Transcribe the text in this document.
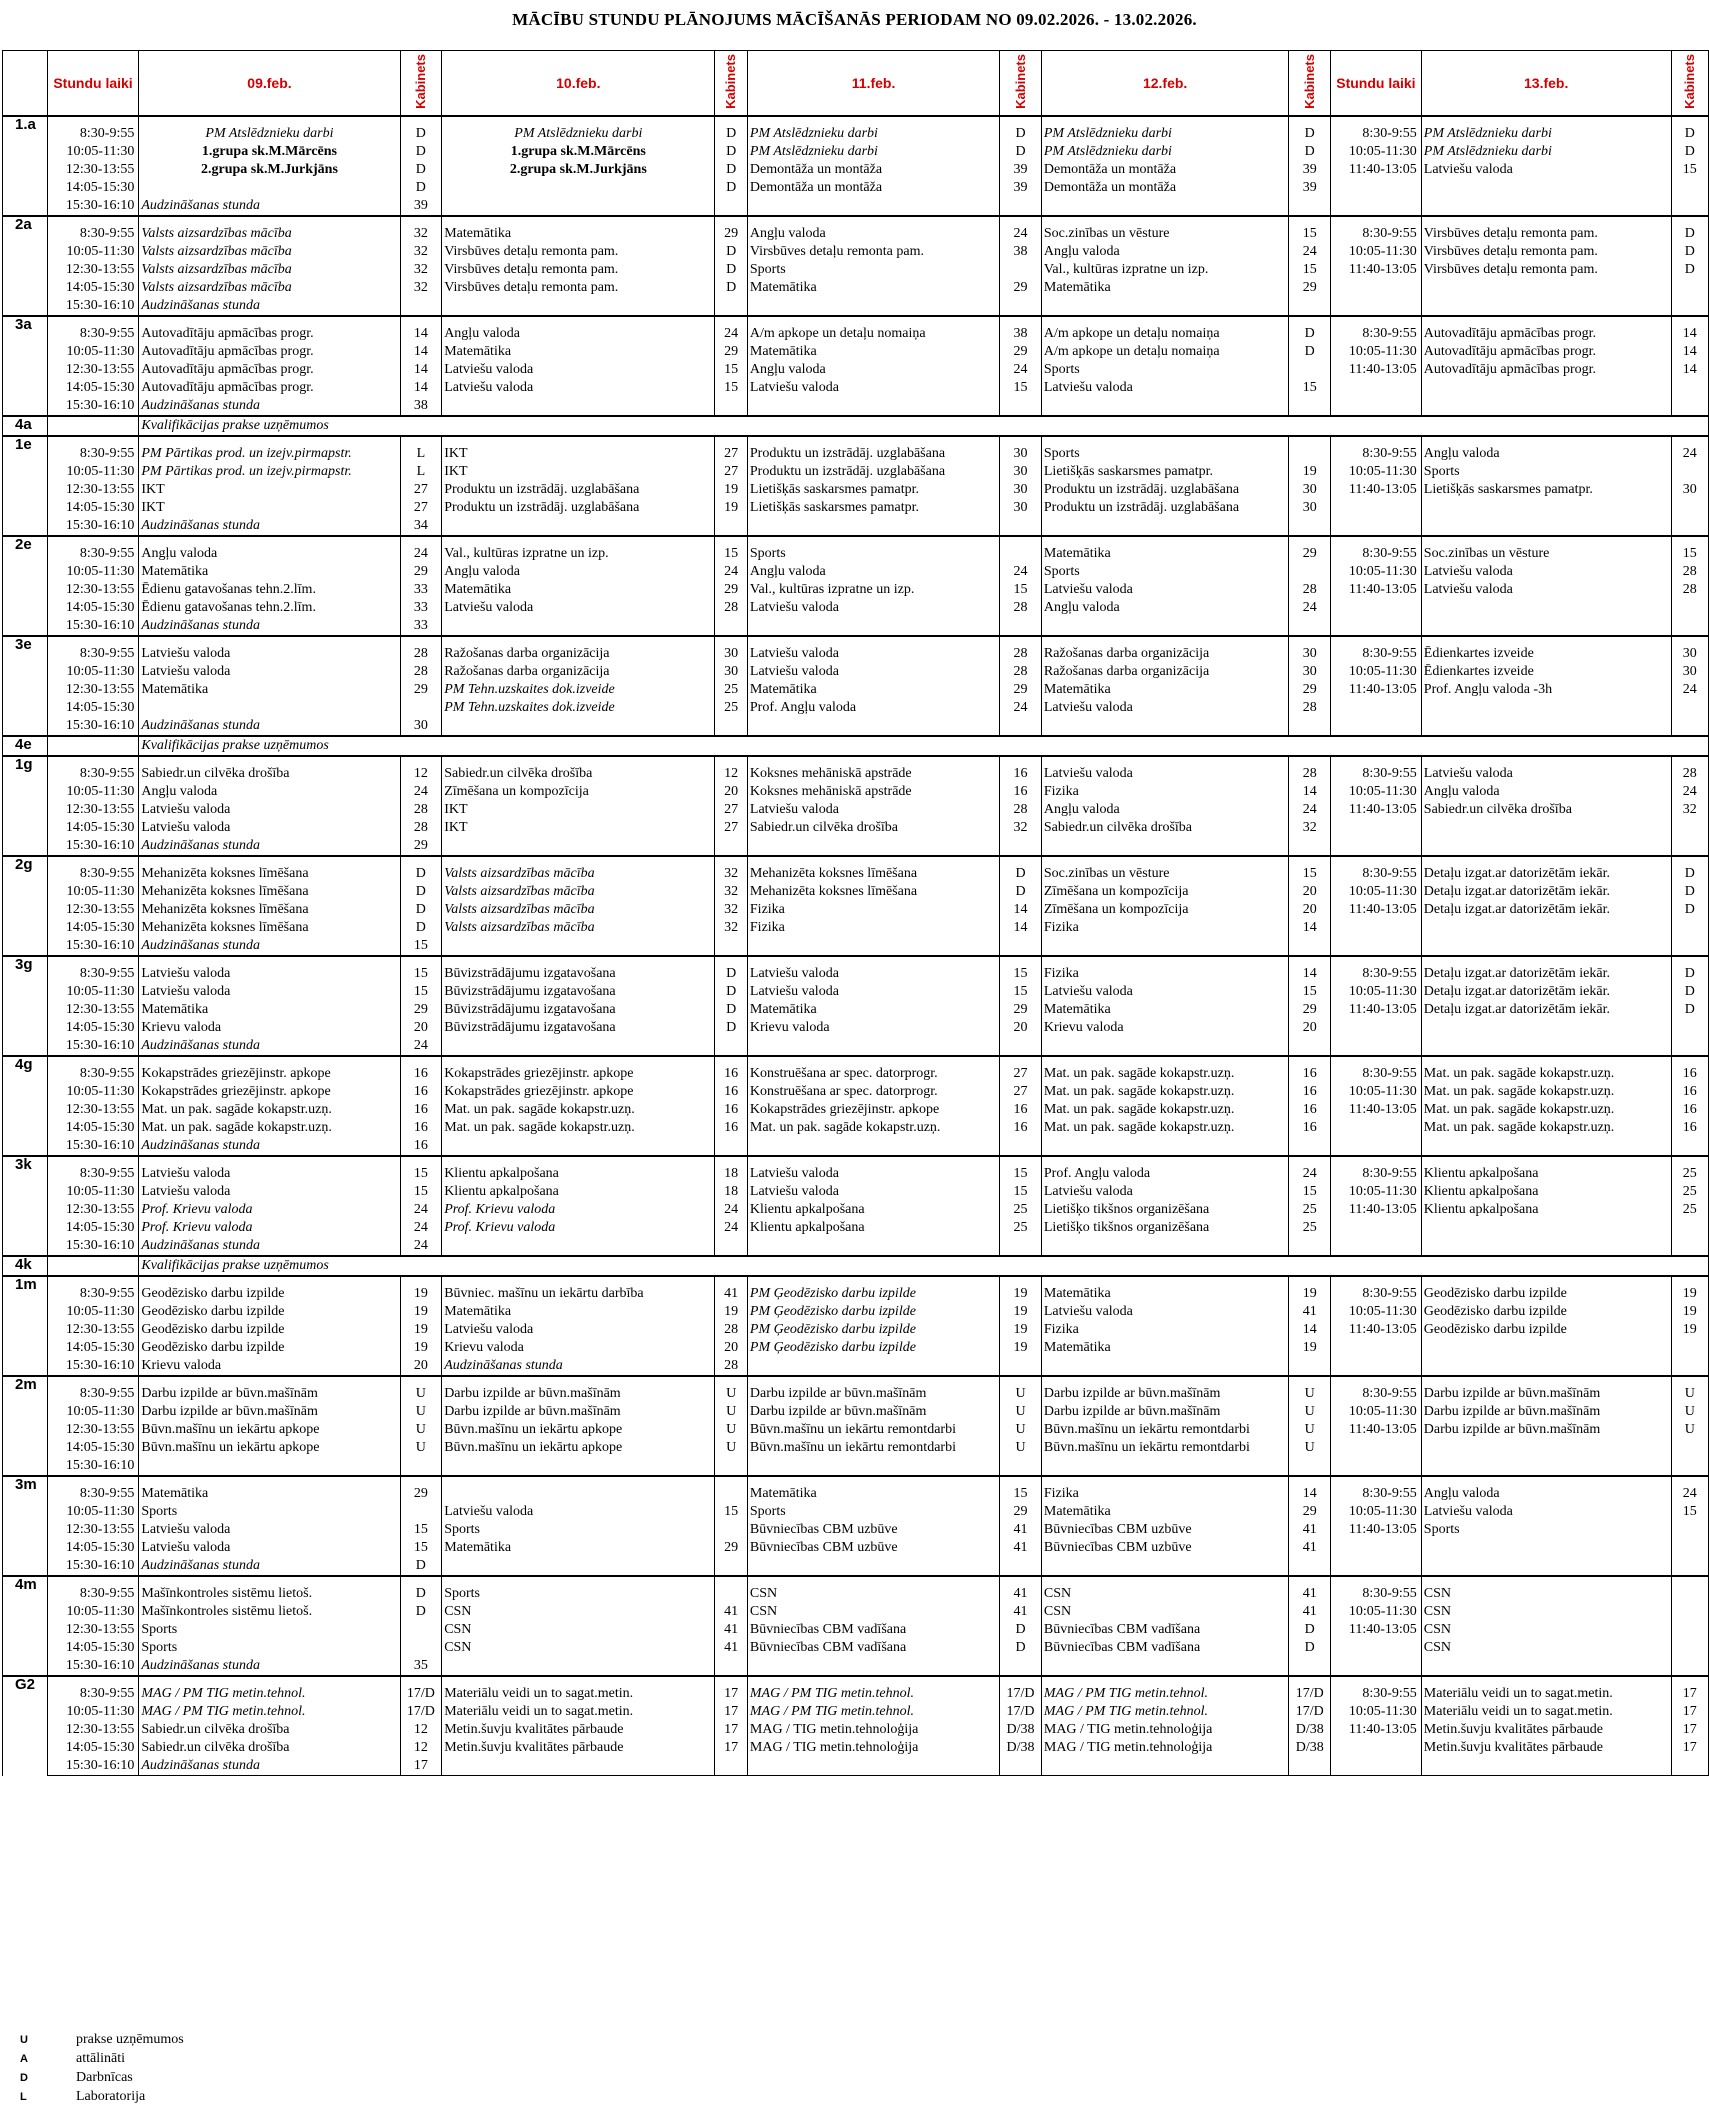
MĀCĪBU STUNDU PLĀNOJUMS MĀCĪŠANĀS PERIODAM NO 09.02.2026. - 13.02.2026.
	Stundu laiki	09.feb.	Kabinets	10.feb.	Kabinets	11.feb.	Kabinets	12.feb.	Kabinets	Stundu laiki	13.feb.	Kabinets
1.a												
	8:30-9:55	PM Atslēdznieku darbi	D	PM Atslēdznieku darbi	D	PM Atslēdznieku darbi	D	PM Atslēdznieku darbi	D	8:30-9:55	PM Atslēdznieku darbi	D
	10:05-11:30	1.grupa sk.M.Mārcēns	D	1.grupa sk.M.Mārcēns	D	PM Atslēdznieku darbi	D	PM Atslēdznieku darbi	D	10:05-11:30	PM Atslēdznieku darbi	D
	12:30-13:55	2.grupa sk.M.Jurkjāns	D	2.grupa sk.M.Jurkjāns	D	Demontāža un montāža	39	Demontāža un montāža	39	11:40-13:05	Latviešu valoda	15
	14:05-15:30		D		D	Demontāža un montāža	39	Demontāža un montāža	39			
	15:30-16:10	Audzināšanas stunda	39									
2a												
	8:30-9:55	Valsts aizsardzības mācība	32	Matemātika	29	Angļu valoda	24	Soc.zinības un vēsture	15	8:30-9:55	Virsbūves detaļu remonta pam.	D
	10:05-11:30	Valsts aizsardzības mācība	32	Virsbūves detaļu remonta pam.	D	Virsbūves detaļu remonta pam.	38	Angļu valoda	24	10:05-11:30	Virsbūves detaļu remonta pam.	D
	12:30-13:55	Valsts aizsardzības mācība	32	Virsbūves detaļu remonta pam.	D	Sports		Val., kultūras izpratne un izp.	15	11:40-13:05	Virsbūves detaļu remonta pam.	D
	14:05-15:30	Valsts aizsardzības mācība	32	Virsbūves detaļu remonta pam.	D	Matemātika	29	Matemātika	29			
	15:30-16:10	Audzināšanas stunda										
3a												
	8:30-9:55	Autovadītāju apmācības progr.	14	Angļu valoda	24	A/m apkope un detaļu nomaiņa	38	A/m apkope un detaļu nomaiņa	D	8:30-9:55	Autovadītāju apmācības progr.	14
	10:05-11:30	Autovadītāju apmācības progr.	14	Matemātika	29	Matemātika	29	A/m apkope un detaļu nomaiņa	D	10:05-11:30	Autovadītāju apmācības progr.	14
	12:30-13:55	Autovadītāju apmācības progr.	14	Latviešu valoda	15	Angļu valoda	24	Sports		11:40-13:05	Autovadītāju apmācības progr.	14
	14:05-15:30	Autovadītāju apmācības progr.	14	Latviešu valoda	15	Latviešu valoda	15	Latviešu valoda	15			
	15:30-16:10	Audzināšanas stunda	38									
4a		Kvalifikācijas prakse uzņēmumos										
1e												
	8:30-9:55	PM Pārtikas prod. un izejv.pirmapstr.	L	IKT	27	Produktu un izstrādāj. uzglabāšana	30	Sports		8:30-9:55	Angļu valoda	24
	10:05-11:30	PM Pārtikas prod. un izejv.pirmapstr.	L	IKT	27	Produktu un izstrādāj. uzglabāšana	30	Lietišķās saskarsmes pamatpr.	19	10:05-11:30	Sports	
	12:30-13:55	IKT	27	Produktu un izstrādāj. uzglabāšana	19	Lietišķās saskarsmes pamatpr.	30	Produktu un izstrādāj. uzglabāšana	30	11:40-13:05	Lietišķās saskarsmes pamatpr.	30
	14:05-15:30	IKT	27	Produktu un izstrādāj. uzglabāšana	19	Lietišķās saskarsmes pamatpr.	30	Produktu un izstrādāj. uzglabāšana	30			
	15:30-16:10	Audzināšanas stunda	34									
2e												
	8:30-9:55	Angļu valoda	24	Val., kultūras izpratne un izp.	15	Sports		Matemātika	29	8:30-9:55	Soc.zinības un vēsture	15
	10:05-11:30	Matemātika	29	Angļu valoda	24	Angļu valoda	24	Sports		10:05-11:30	Latviešu valoda	28
	12:30-13:55	Ēdienu gatavošanas tehn.2.līm.	33	Matemātika	29	Val., kultūras izpratne un izp.	15	Latviešu valoda	28	11:40-13:05	Latviešu valoda	28
	14:05-15:30	Ēdienu gatavošanas tehn.2.līm.	33	Latviešu valoda	28	Latviešu valoda	28	Angļu valoda	24			
	15:30-16:10	Audzināšanas stunda	33									
3e												
	8:30-9:55	Latviešu valoda	28	Ražošanas darba organizācija	30	Latviešu valoda	28	Ražošanas darba organizācija	30	8:30-9:55	Ēdienkartes izveide	30
	10:05-11:30	Latviešu valoda	28	Ražošanas darba organizācija	30	Latviešu valoda	28	Ražošanas darba organizācija	30	10:05-11:30	Ēdienkartes izveide	30
	12:30-13:55	Matemātika	29	PM Tehn.uzskaites dok.izveide	25	Matemātika	29	Matemātika	29	11:40-13:05	Prof. Angļu valoda -3h	24
	14:05-15:30			PM Tehn.uzskaites dok.izveide	25	Prof. Angļu valoda	24	Latviešu valoda	28			
	15:30-16:10	Audzināšanas stunda	30									
4e		Kvalifikācijas prakse uzņēmumos										
1g												
	8:30-9:55	Sabiedr.un cilvēka drošība	12	Sabiedr.un cilvēka drošība	12	Koksnes mehāniskā apstrāde	16	Latviešu valoda	28	8:30-9:55	Latviešu valoda	28
	10:05-11:30	Angļu valoda	24	Zīmēšana un kompozīcija	20	Koksnes mehāniskā apstrāde	16	Fizika	14	10:05-11:30	Angļu valoda	24
	12:30-13:55	Latviešu valoda	28	IKT	27	Latviešu valoda	28	Angļu valoda	24	11:40-13:05	Sabiedr.un cilvēka drošība	32
	14:05-15:30	Latviešu valoda	28	IKT	27	Sabiedr.un cilvēka drošība	32	Sabiedr.un cilvēka drošība	32			
	15:30-16:10	Audzināšanas stunda	29									
2g												
	8:30-9:55	Mehanizēta koksnes līmēšana	D	Valsts aizsardzības mācība	32	Mehanizēta koksnes līmēšana	D	Soc.zinības un vēsture	15	8:30-9:55	Detaļu izgat.ar datorizētām iekār.	D
	10:05-11:30	Mehanizēta koksnes līmēšana	D	Valsts aizsardzības mācība	32	Mehanizēta koksnes līmēšana	D	Zīmēšana un kompozīcija	20	10:05-11:30	Detaļu izgat.ar datorizētām iekār.	D
	12:30-13:55	Mehanizēta koksnes līmēšana	D	Valsts aizsardzības mācība	32	Fizika	14	Zīmēšana un kompozīcija	20	11:40-13:05	Detaļu izgat.ar datorizētām iekār.	D
	14:05-15:30	Mehanizēta koksnes līmēšana	D	Valsts aizsardzības mācība	32	Fizika	14	Fizika	14			
	15:30-16:10	Audzināšanas stunda	15									
3g												
	8:30-9:55	Latviešu valoda	15	Būvizstrādājumu izgatavošana	D	Latviešu valoda	15	Fizika	14	8:30-9:55	Detaļu izgat.ar datorizētām iekār.	D
	10:05-11:30	Latviešu valoda	15	Būvizstrādājumu izgatavošana	D	Latviešu valoda	15	Latviešu valoda	15	10:05-11:30	Detaļu izgat.ar datorizētām iekār.	D
	12:30-13:55	Matemātika	29	Būvizstrādājumu izgatavošana	D	Matemātika	29	Matemātika	29	11:40-13:05	Detaļu izgat.ar datorizētām iekār.	D
	14:05-15:30	Krievu valoda	20	Būvizstrādājumu izgatavošana	D	Krievu valoda	20	Krievu valoda	20			
	15:30-16:10	Audzināšanas stunda	24									
4g												
	8:30-9:55	Kokapstrādes griezējinstr. apkope	16	Kokapstrādes griezējinstr. apkope	16	Konstruēšana ar spec. datorprogr.	27	Mat. un pak. sagāde kokapstr.uzņ.	16	8:30-9:55	Mat. un pak. sagāde kokapstr.uzņ.	16
	10:05-11:30	Kokapstrādes griezējinstr. apkope	16	Kokapstrādes griezējinstr. apkope	16	Konstruēšana ar spec. datorprogr.	27	Mat. un pak. sagāde kokapstr.uzņ.	16	10:05-11:30	Mat. un pak. sagāde kokapstr.uzņ.	16
	12:30-13:55	Mat. un pak. sagāde kokapstr.uzņ.	16	Mat. un pak. sagāde kokapstr.uzņ.	16	Kokapstrādes griezējinstr. apkope	16	Mat. un pak. sagāde kokapstr.uzņ.	16	11:40-13:05	Mat. un pak. sagāde kokapstr.uzņ.	16
	14:05-15:30	Mat. un pak. sagāde kokapstr.uzņ.	16	Mat. un pak. sagāde kokapstr.uzņ.	16	Mat. un pak. sagāde kokapstr.uzņ.	16	Mat. un pak. sagāde kokapstr.uzņ.	16		Mat. un pak. sagāde kokapstr.uzņ.	16
	15:30-16:10	Audzināšanas stunda	16									
3k												
	8:30-9:55	Latviešu valoda	15	Klientu apkalpošana	18	Latviešu valoda	15	Prof. Angļu valoda	24	8:30-9:55	Klientu apkalpošana	25
	10:05-11:30	Latviešu valoda	15	Klientu apkalpošana	18	Latviešu valoda	15	Latviešu valoda	15	10:05-11:30	Klientu apkalpošana	25
	12:30-13:55	Prof. Krievu valoda	24	Prof. Krievu valoda	24	Klientu apkalpošana	25	Lietišķo tikšnos organizēšana	25	11:40-13:05	Klientu apkalpošana	25
	14:05-15:30	Prof. Krievu valoda	24	Prof. Krievu valoda	24	Klientu apkalpošana	25	Lietišķo tikšnos organizēšana	25			
	15:30-16:10	Audzināšanas stunda	24									
4k		Kvalifikācijas prakse uzņēmumos										
1m												
	8:30-9:55	Geodēzisko darbu izpilde	19	Būvniec. mašīnu un iekārtu darbība	41	PM Ģeodēzisko darbu izpilde	19	Matemātika	19	8:30-9:55	Geodēzisko darbu izpilde	19
	10:05-11:30	Geodēzisko darbu izpilde	19	Matemātika	19	PM Ģeodēzisko darbu izpilde	19	Latviešu valoda	41	10:05-11:30	Geodēzisko darbu izpilde	19
	12:30-13:55	Geodēzisko darbu izpilde	19	Latviešu valoda	28	PM Ģeodēzisko darbu izpilde	19	Fizika	14	11:40-13:05	Geodēzisko darbu izpilde	19
	14:05-15:30	Geodēzisko darbu izpilde	19	Krievu valoda	20	PM Ģeodēzisko darbu izpilde	19	Matemātika	19			
	15:30-16:10	Krievu valoda	20	Audzināšanas stunda	28							
2m												
	8:30-9:55	Darbu izpilde ar būvn.mašīnām	U	Darbu izpilde ar būvn.mašīnām	U	Darbu izpilde ar būvn.mašīnām	U	Darbu izpilde ar būvn.mašīnām	U	8:30-9:55	Darbu izpilde ar būvn.mašīnām	U
	10:05-11:30	Darbu izpilde ar būvn.mašīnām	U	Darbu izpilde ar būvn.mašīnām	U	Darbu izpilde ar būvn.mašīnām	U	Darbu izpilde ar būvn.mašīnām	U	10:05-11:30	Darbu izpilde ar būvn.mašīnām	U
	12:30-13:55	Būvn.mašīnu un iekārtu apkope	U	Būvn.mašīnu un iekārtu apkope	U	Būvn.mašīnu un iekārtu remontdarbi	U	Būvn.mašīnu un iekārtu remontdarbi	U	11:40-13:05	Darbu izpilde ar būvn.mašīnām	U
	14:05-15:30	Būvn.mašīnu un iekārtu apkope	U	Būvn.mašīnu un iekārtu apkope	U	Būvn.mašīnu un iekārtu remontdarbi	U	Būvn.mašīnu un iekārtu remontdarbi	U			
	15:30-16:10											
3m												
	8:30-9:55	Matemātika	29			Matemātika	15	Fizika	14	8:30-9:55	Angļu valoda	24
	10:05-11:30	Sports		Latviešu valoda	15	Sports	29	Matemātika	29	10:05-11:30	Latviešu valoda	15
	12:30-13:55	Latviešu valoda	15	Sports		Būvniecības CBM uzbūve	41	Būvniecības CBM uzbūve	41	11:40-13:05	Sports	
	14:05-15:30	Latviešu valoda	15	Matemātika	29	Būvniecības CBM uzbūve	41	Būvniecības CBM uzbūve	41			
	15:30-16:10	Audzināšanas stunda	D									
4m												
	8:30-9:55	Mašīnkontroles sistēmu lietoš.	D	Sports		CSN	41	CSN	41	8:30-9:55	CSN	
	10:05-11:30	Mašīnkontroles sistēmu lietoš.	D	CSN	41	CSN	41	CSN	41	10:05-11:30	CSN	
	12:30-13:55	Sports		CSN	41	Būvniecības CBM vadīšana	D	Būvniecības CBM vadīšana	D	11:40-13:05	CSN	
	14:05-15:30	Sports		CSN	41	Būvniecības CBM vadīšana	D	Būvniecības CBM vadīšana	D		CSN	
	15:30-16:10	Audzināšanas stunda	35									
G2												
	8:30-9:55	MAG / PM TIG metin.tehnol.	17/D	Materiālu veidi un to sagat.metin.	17	MAG / PM TIG metin.tehnol.	17/D	MAG / PM TIG metin.tehnol.	17/D	8:30-9:55	Materiālu veidi un to sagat.metin.	17
	10:05-11:30	MAG / PM TIG metin.tehnol.	17/D	Materiālu veidi un to sagat.metin.	17	MAG / PM TIG metin.tehnol.	17/D	MAG / PM TIG metin.tehnol.	17/D	10:05-11:30	Materiālu veidi un to sagat.metin.	17
	12:30-13:55	Sabiedr.un cilvēka drošība	12	Metin.šuvju kvalitātes pārbaude	17	MAG / TIG metin.tehnoloģija	D/38	MAG / TIG metin.tehnoloģija	D/38	11:40-13:05	Metin.šuvju kvalitātes pārbaude	17
	14:05-15:30	Sabiedr.un cilvēka drošība	12	Metin.šuvju kvalitātes pārbaude	17	MAG / TIG metin.tehnoloģija	D/38	MAG / TIG metin.tehnoloģija	D/38		Metin.šuvju kvalitātes pārbaude	17
	15:30-16:10	Audzināšanas stunda	17									
U	prakse uzņēmumos
A	attālināti
D	Darbnīcas
L	Laboratorija
